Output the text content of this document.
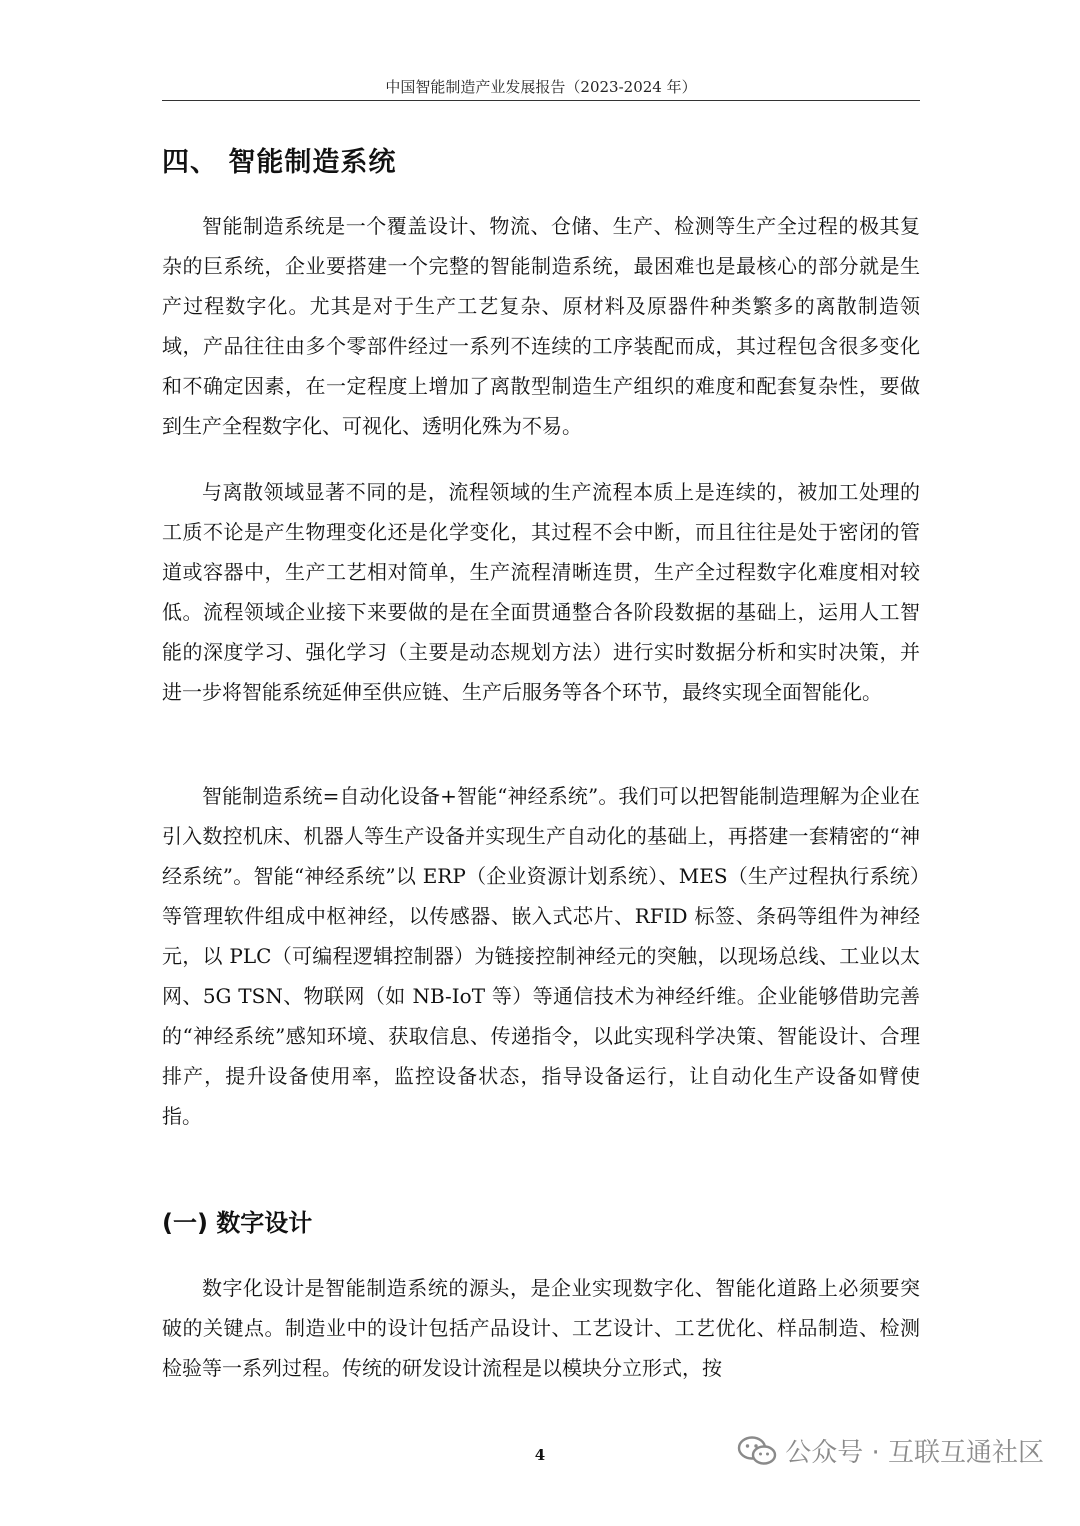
中国智能制造产业发展报告（2023-2024 年）
四、 智能制造系统

智能制造系统是一个覆盖设计、物流、仓储、生产、检测等生产全过程的极其复杂的巨系统，企业要搭建一个完整的智能制造系统，最困难也是最核心的部分就是生产过程数字化。尤其是对于生产工艺复杂、原材料及原器件种类繁多的离散制造领域，产品往往由多个零部件经过一系列不连续的工序装配而成，其过程包含很多变化和不确定因素，在一定程度上增加了离散型制造生产组织的难度和配套复杂性，要做到生产全程数字化、可视化、透明化殊为不易。

与离散领域显著不同的是，流程领域的生产流程本质上是连续的，被加工处理的工质不论是产生物理变化还是化学变化，其过程不会中断，而且往往是处于密闭的管道或容器中，生产工艺相对简单，生产流程清晰连贯，生产全过程数字化难度相对较低。流程领域企业接下来要做的是在全面贯通整合各阶段数据的基础上，运用人工智能的深度学习、强化学习（主要是动态规划方法）进行实时数据分析和实时决策，并进一步将智能系统延伸至供应链、生产后服务等各个环节，最终实现全面智能化。

智能制造系统=自动化设备+智能“神经系统”。我们可以把智能制造理解为企业在引入数控机床、机器人等生产设备并实现生产自动化的基础上，再搭建一套精密的“神经系统”。智能“神经系统”以 ERP（企业资源计划系统）、MES（生产过程执行系统）等管理软件组成中枢神经，以传感器、嵌入式芯片、RFID 标签、条码等组件为神经元，以 PLC（可编程逻辑控制器）为链接控制神经元的突触，以现场总线、工业以太网、5G TSN、物联网（如 NB-IoT 等）等通信技术为神经纤维。企业能够借助完善的“神经系统”感知环境、获取信息、传递指令，以此实现科学决策、智能设计、合理排产，提升设备使用率，监控设备状态，指导设备运行，让自动化生产设备如臂使指。

(一) 数字设计

数字化设计是智能制造系统的源头，是企业实现数字化、智能化道路上必须要突破的关键点。制造业中的设计包括产品设计、工艺设计、工艺优化、样品制造、检测检验等一系列过程。传统的研发设计流程是以模块分立形式，按

4	公众号 · 互联互通社区
